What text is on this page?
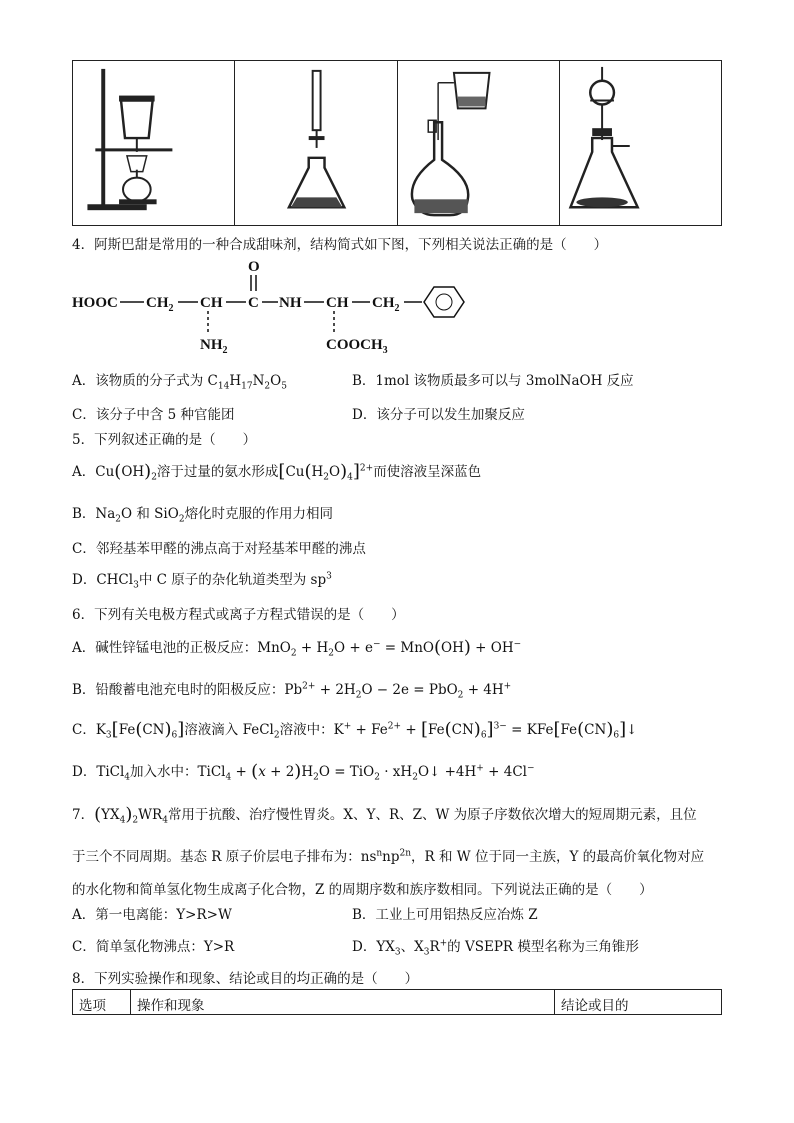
4．阿斯巴甜是常用的一种合成甜味剂，结构简式如下图，下列相关说法正确的是（　　）
HOOC $CH_2$ CH C
O
NH CH $CH_2$
$NH_2$	$COOCH_3$
A．该物质的分子式为 $C_{14}H_{17}N_2O_5$	B．1mol 该物质最多可以与 3molNaOH 反应
C．该分子中含 5 种官能团	D．该分子可以发生加聚反应
5．下列叙述正确的是（　　）
A．$Cu(OH)_2$溶于过量的氨水形成$[Cu(H_2O)_4]^{2+}$而使溶液呈深蓝色
B．$Na_2O$ 和 SiO$_2$熔化时克服的作用力相同
C．邻羟基苯甲醛的沸点高于对羟基苯甲醛的沸点
D．CHCl$_3$中 C 原子的杂化轨道类型为 $sp^3$
6．下列有关电极方程式或离子方程式错误的是（　　）
A．碱性锌锰电池的正极反应：$MnO_2 + H_2O + e^- = MnO(OH) + OH^-$
B．铅酸蓄电池充电时的阳极反应：$Pb^{2+} + 2H_2O - 2e = PbO_2 + 4H^+$
C．$K_3[Fe(CN)_6]$溶液滴入 FeCl$_2$溶液中：$K^+ + Fe^{2+} + [Fe(CN)_6]^{3-}$ = $KFe[Fe(CN)_6]↓$
D．TiCl$_4$加入水中：TiCl$_4$ + $(x + 2)H_2O = TiO_2$ · $xH_2O↓ +4H^+ + 4Cl^-$
7．$(YX_4)_2WR_4$常用于抗酸、治疗慢性胃炎。X、Y、R、Z、W 为原子序数依次增大的短周期元素，且位
于三个不同周期。基态 R 原子价层电子排布为：$ns^nnp^{2n}$，R 和 W 位于同一主族，Y 的最高价氧化物对应
的水化物和简单氢化物生成离子化合物，Z 的周期序数和族序数相同。下列说法正确的是（　　）
A．第一电离能：Y>R>W	B．工业上可用铝热反应冶炼 Z
C．简单氢化物沸点：Y>R	D．$YX_3$、$X_3R^+$的 VSEPR 模型名称为三角锥形
8．下列实验操作和现象、结论或目的均正确的是（　　）
选项	操作和现象	结论或目的
